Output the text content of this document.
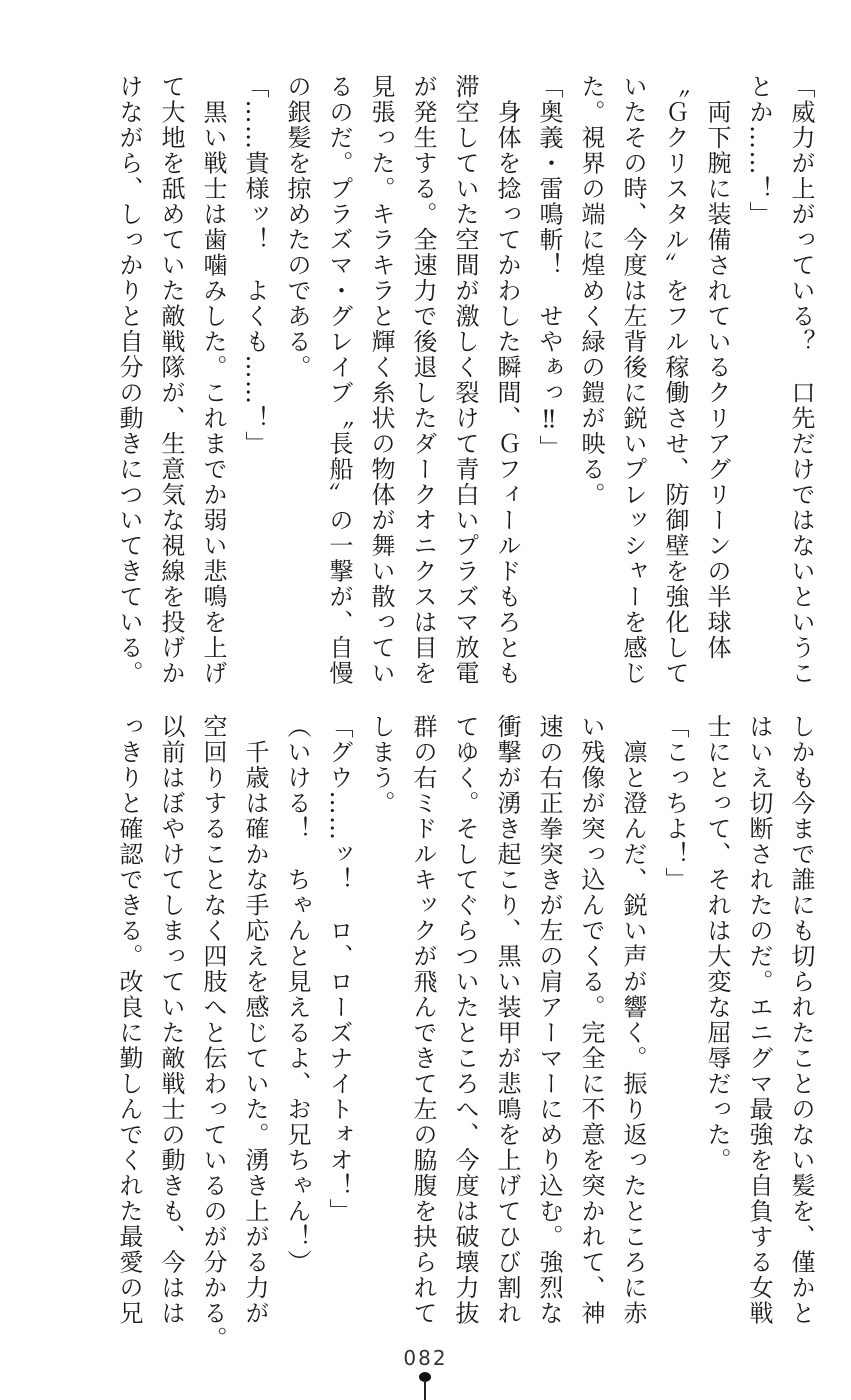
「威力が上がっている？　口先だけではないというこ

とか……！」

　両下腕に装備されているクリアグリーンの半球体

〝Ｇクリスタル〟をフル稼働させ、防御壁を強化して

いたその時、今度は左背後に鋭いプレッシャーを感じ

た。視界の端に煌めく緑の鎧が映る。

「奥義・雷鳴斬！　せやぁっ‼」

　身体を捻ってかわした瞬間、Ｇフィールドもろとも

滞空していた空間が激しく裂けて青白いプラズマ放電

が発生する。全速力で後退したダークオニクスは目を

見張った。キラキラと輝く糸状の物体が舞い散ってい

るのだ。プラズマ・グレイブ〝長船〟の一撃が、自慢

の銀髪を掠めたのである。

「……貴様ッ！　よくも……！」

　黒い戦士は歯噛みした。これまでか弱い悲鳴を上げ

て大地を舐めていた敵戦隊が、生意気な視線を投げか

けながら、しっかりと自分の動きについてきている。

しかも今まで誰にも切られたことのない髪を、僅かと

はいえ切断されたのだ。エニグマ最強を自負する女戦

士にとって、それは大変な屈辱だった。

「こっちよ！」

　凛と澄んだ、鋭い声が響く。振り返ったところに赤

い残像が突っ込んでくる。完全に不意を突かれて、神

速の右正拳突きが左の肩アーマーにめり込む。強烈な

衝撃が湧き起こり、黒い装甲が悲鳴を上げてひび割れ

てゆく。そしてぐらついたところへ、今度は破壊力抜

群の右ミドルキックが飛んできて左の脇腹を抉られて

しまう。

「グウ……ッ！　ロ、ローズナイトォオ！」

（いける！　ちゃんと見えるよ、お兄ちゃん！）

　千歳は確かな手応えを感じていた。湧き上がる力が

空回りすることなく四肢へと伝わっているのが分かる。

以前はぼやけてしまっていた敵戦士の動きも、今はは

っきりと確認できる。改良に勤しんでくれた最愛の兄

082
